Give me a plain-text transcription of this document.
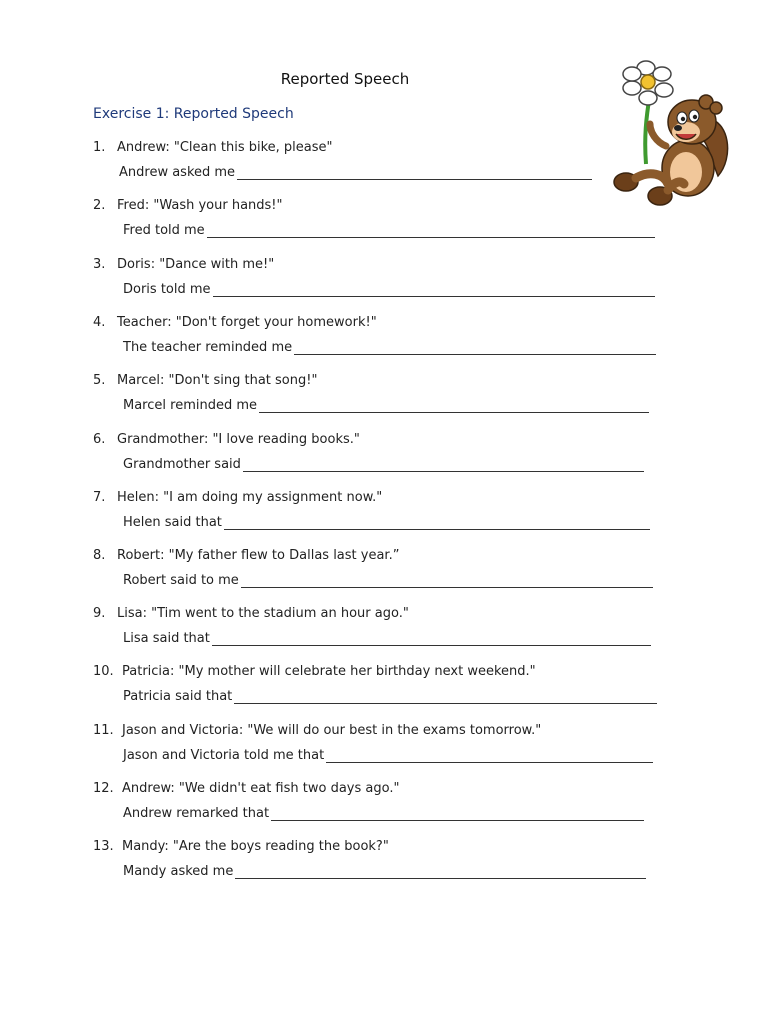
Reported Speech
Exercise 1: Reported Speech
1. Andrew: "Clean this bike, please"
Andrew asked me
2. Fred: "Wash your hands!"
Fred told me
3. Doris: "Dance with me!"
Doris told me
4. Teacher: "Don't forget your homework!"
The teacher reminded me
5. Marcel: "Don't sing that song!"
Marcel reminded me
6. Grandmother: "I love reading books."
Grandmother said
7. Helen: "I am doing my assignment now."
Helen said that
8. Robert: "My father flew to Dallas last year.”
Robert said to me
9. Lisa: "Tim went to the stadium an hour ago."
Lisa said that
10. Patricia: "My mother will celebrate her birthday next weekend."
Patricia said that
11. Jason and Victoria: "We will do our best in the exams tomorrow."
Jason and Victoria told me that
12. Andrew: "We didn't eat fish two days ago."
Andrew remarked that
13. Mandy: "Are the boys reading the book?"
Mandy asked me
